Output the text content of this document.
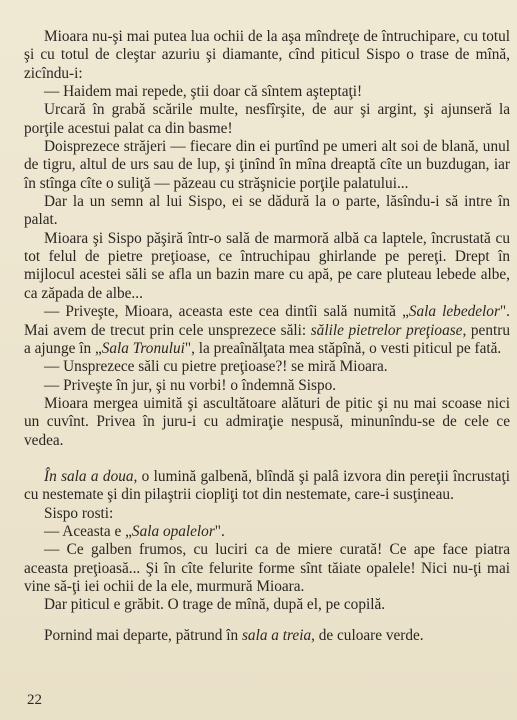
Mioara nu-şi mai putea lua ochii de la aşa mîndreţe de întruchipare, cu totul şi cu totul de cleştar azuriu şi diamante, cînd piticul Sispo o trase de mînă, zicîndu-i:

— Haidem mai repede, ştii doar că sîntem aşteptaţi!

Urcară în grabă scările multe, nesfîrşite, de aur şi argint, şi ajunseră la porţile acestui palat ca din basme!

Doisprezece străjeri — fiecare din ei purtînd pe umeri alt soi de blană, unul de tigru, altul de urs sau de lup, şi ţinînd în mîna dreaptă cîte un buzdugan, iar în stînga cîte o suliţă — păzeau cu străşnicie porţile palatului...

Dar la un semn al lui Sispo, ei se dădură la o parte, lăsîndu-i să intre în palat.

Mioara şi Sispo păşiră într-o sală de marmoră albă ca laptele, încrustată cu tot felul de pietre preţioase, ce întruchipau ghirlande pe pereţi. Drept în mijlocul acestei săli se afla un bazin mare cu apă, pe care pluteau lebede albe, ca zăpada de albe...

— Priveşte, Mioara, aceasta este cea dintîi sală numită „Sala lebedelor". Mai avem de trecut prin cele unsprezece săli: sălile pietrelor preţioase, pentru a ajunge în „Sala Tronului", la preaînălţata mea stăpînă, o vesti piticul pe fată.

— Unsprezece săli cu pietre preţioase?! se miră Mioara.

— Priveşte în jur, şi nu vorbi! o îndemnă Sispo.

Mioara mergea uimită şi ascultătoare alături de pitic şi nu mai scoase nici un cuvînt. Privea în juru-i cu admiraţie nespusă, minunîndu-se de cele ce vedea.

În sala a doua, o lumină galbenă, blîndă şi palâ izvora din pereţii încrustaţi cu nestemate şi din pilaştrii ciopliţi tot din nestemate, care-i susţineau.

Sispo rosti:

— Aceasta e „Sala opalelor".

— Ce galben frumos, cu luciri ca de miere curată! Ce ape face piatra aceasta preţioasă... Şi în cîte felurite forme sînt tăiate opalele! Nici nu-ţi mai vine să-ţi iei ochii de la ele, murmură Mioara.

Dar piticul e grăbit. O trage de mînă, după el, pe copilă.

Pornind mai departe, pătrund în sala a treia, de culoare verde.

22
